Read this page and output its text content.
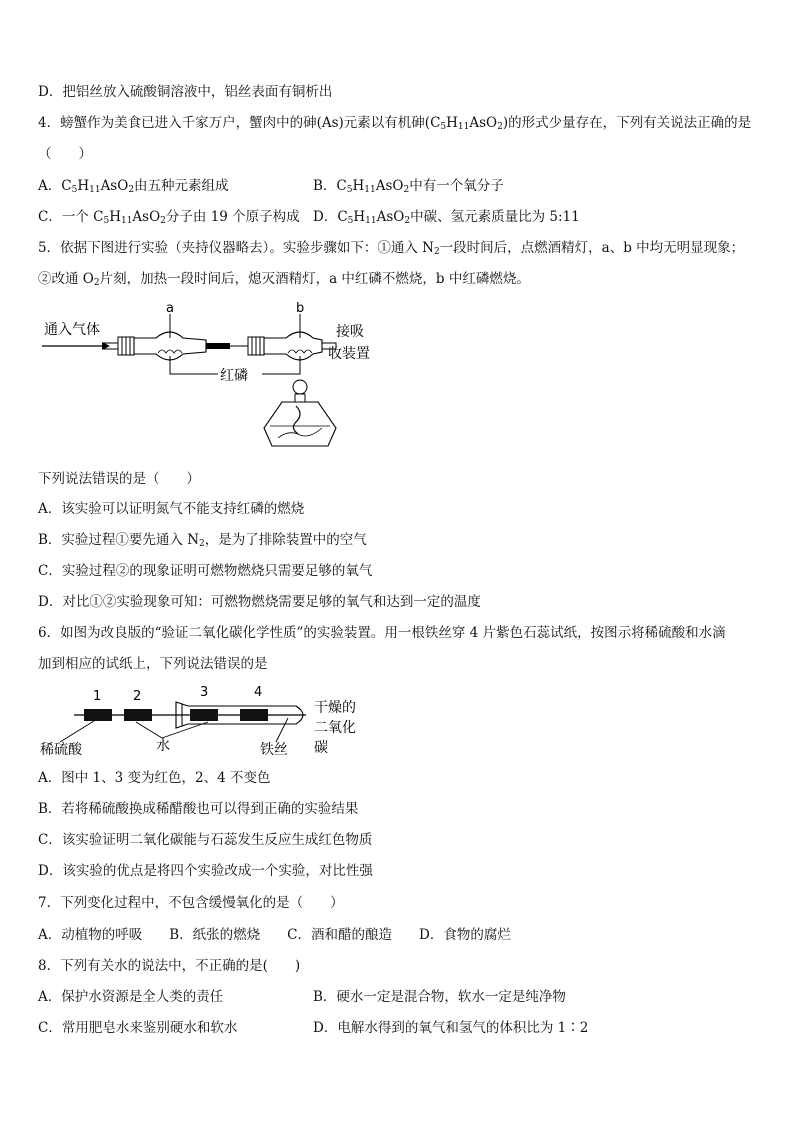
D．把铝丝放入硫酸铜溶液中，铝丝表面有铜析出
4．螃蟹作为美食已进入千家万户，蟹肉中的砷(As)元素以有机砷$(C_5H_{11}AsO_2)$的形式少量存在，下列有关说法正确的是
（　　）
A．$C_5H_{11}AsO_2$由五种元素组成	B．$C_5H_{11}AsO_2$中有一个氧分子
C．一个 $C_5H_{11}AsO_2$分子由 19 个原子构成 D．$C_5H_{11}AsO_2$中碳、氢元素质量比为 5:11
5．依据下图进行实验（夹持仪器略去）。实验步骤如下：①通入 $N_2$一段时间后，点燃酒精灯，a、b 中均无明显现象；
②改通 $O_2$片刻，加热一段时间后，熄灭酒精灯，a 中红磷不燃烧，b 中红磷燃烧。
通入气体
a	b
接吸
收装置
红磷
下列说法错误的是（　　）
A．该实验可以证明氮气不能支持红磷的燃烧
B．实验过程①要先通入 $N_2$，是为了排除装置中的空气
C．实验过程②的现象证明可燃物燃烧只需要足够的氧气
D．对比①②实验现象可知：可燃物燃烧需要足够的氧气和达到一定的温度
6．如图为改良版的“验证二氧化碳化学性质”的实验装置。用一根铁丝穿 4 片紫色石蕊试纸，按图示将稀硫酸和水滴
加到相应的试纸上，下列说法错误的是
1 2	3	4
稀硫酸	水	铁丝
干燥的
二氧化
碳
A．图中 1、3 变为红色，2、4 不变色
B．若将稀硫酸换成稀醋酸也可以得到正确的实验结果
C．该实验证明二氧化碳能与石蕊发生反应生成红色物质
D．该实验的优点是将四个实验改成一个实验，对比性强
7．下列变化过程中，不包含缓慢氧化的是（　　）
A．动植物的呼吸　　B．纸张的燃烧　　C．酒和醋的酿造　　D．食物的腐烂
8．下列有关水的说法中，不正确的是(　　)
A．保护水资源是全人类的责任	B．硬水一定是混合物，软水一定是纯净物
C．常用肥皂水来鉴别硬水和软水	D．电解水得到的氧气和氢气的体积比为 1∶2
